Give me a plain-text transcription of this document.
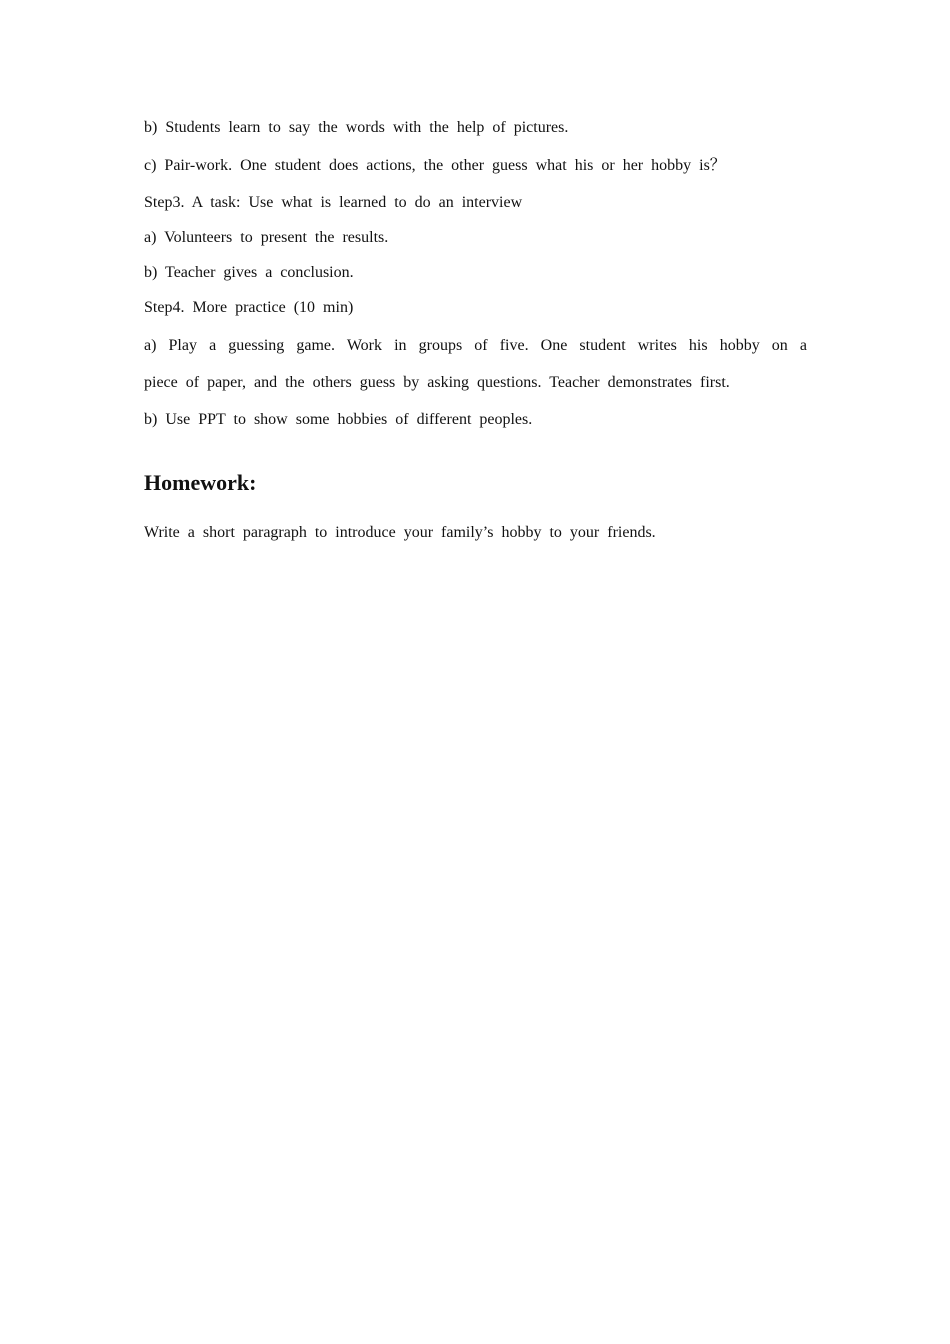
b) Students learn to say the words with the help of pictures.
c) Pair-work. One student does actions, the other guess what his or her hobby is？
Step3. A task: Use what is learned to do an interview
a) Volunteers to present the results.
b) Teacher gives a conclusion.
Step4. More practice (10 min)
a) Play a guessing game. Work in groups of five. One student writes his hobby on a
piece of paper, and the others guess by asking questions. Teacher demonstrates first.
b) Use PPT to show some hobbies of different peoples.
Homework:
Write a short paragraph to introduce your family’s hobby to your friends.
